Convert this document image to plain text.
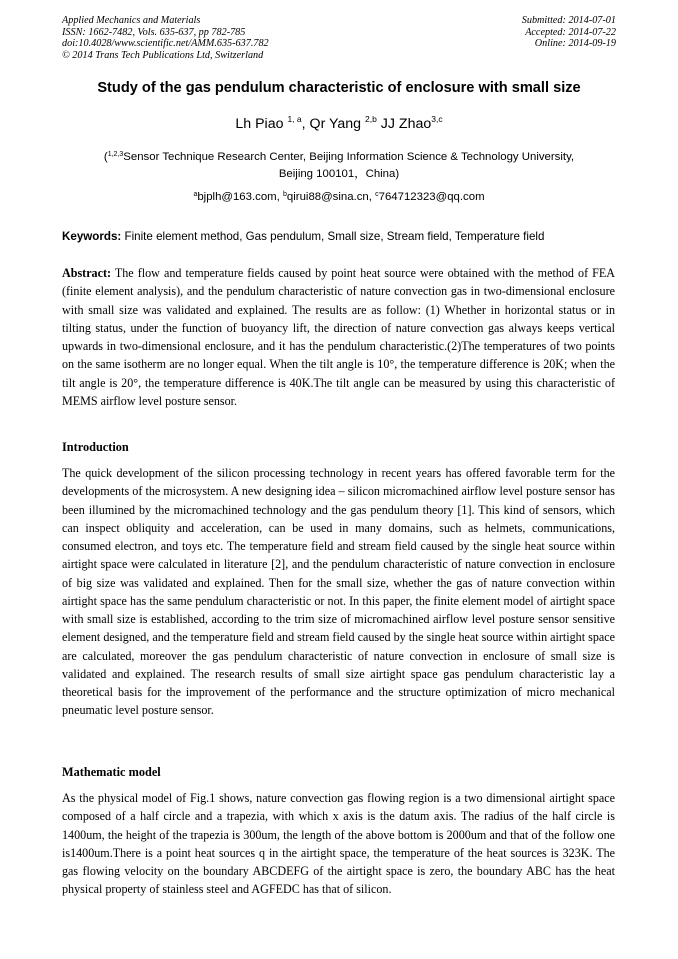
Applied Mechanics and Materials
ISSN: 1662-7482, Vols. 635-637, pp 782-785
doi:10.4028/www.scientific.net/AMM.635-637.782
© 2014 Trans Tech Publications Ltd, Switzerland
Submitted: 2014-07-01
Accepted: 2014-07-22
Online: 2014-09-19
Study of the gas pendulum characteristic of enclosure with small size
Lh Piao $^{1, a}$, Qr Yang $^{2,b}$ JJ Zhao$^{3,c}$
($^{1,2,3}$Sensor Technique Research Center, Beijing Information Science & Technology University,
Beijing 100101，China)
$^a$bjplh@163.com, $^b$qirui88@sina.cn, $^c$764712323@qq.com
Keywords: Finite element method, Gas pendulum, Small size, Stream field, Temperature field
Abstract: The flow and temperature fields caused by point heat source were obtained with the method of FEA (finite element analysis), and the pendulum characteristic of nature convection gas in two-dimensional enclosure with small size was validated and explained. The results are as follow: (1) Whether in horizontal status or in tilting status, under the function of buoyancy lift, the direction of nature convection gas always keeps vertical upwards in two-dimensional enclosure, and it has the pendulum characteristic.(2)The temperatures of two points on the same isotherm are no longer equal. When the tilt angle is 10°, the temperature difference is 20K; when the tilt angle is 20°, the temperature difference is 40K.The tilt angle can be measured by using this characteristic of MEMS airflow level posture sensor.
Introduction
The quick development of the silicon processing technology in recent years has offered favorable term for the developments of the microsystem. A new designing idea – silicon micromachined airflow level posture sensor has been illumined by the micromachined technology and the gas pendulum theory [1]. This kind of sensors, which can inspect obliquity and acceleration, can be used in many domains, such as helmets, communications, consumed electron, and toys etc. The temperature field and stream field caused by the single heat source within airtight space were calculated in literature [2], and the pendulum characteristic of nature convection in enclosure of big size was validated and explained. Then for the small size, whether the gas of nature convection within airtight space has the same pendulum characteristic or not. In this paper, the finite element model of airtight space with small size is established, according to the trim size of micromachined airflow level posture sensor sensitive element designed, and the temperature field and stream field caused by the single heat source within airtight space are calculated, moreover the gas pendulum characteristic of nature convection in enclosure of small size is validated and explained. The research results of small size airtight space gas pendulum characteristic lay a theoretical basis for the improvement of the performance and the structure optimization of micro mechanical pneumatic level posture sensor.
Mathematic model
As the physical model of Fig.1 shows, nature convection gas flowing region is a two dimensional airtight space composed of a half circle and a trapezia, with which x axis is the datum axis. The radius of the half circle is 1400um, the height of the trapezia is 300um, the length of the above bottom is 2000um and that of the follow one is1400um.There is a point heat sources q in the airtight space, the temperature of the heat sources is 323K. The gas flowing velocity on the boundary ABCDEFG of the airtight space is zero, the boundary ABC has the heat physical property of stainless steel and AGFEDC has that of silicon.
